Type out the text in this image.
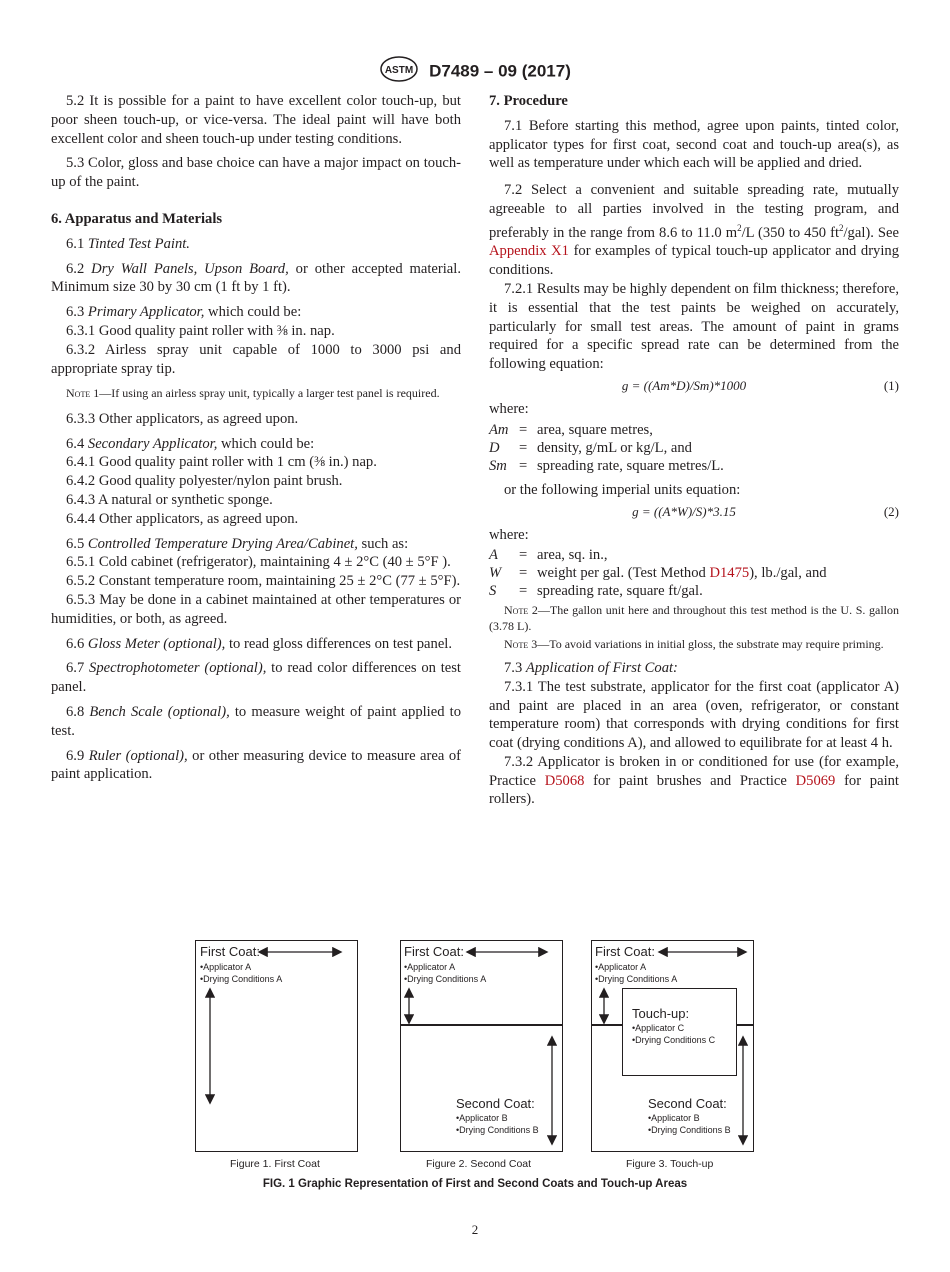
ASTM D7489 – 09 (2017)

5.2 It is possible for a paint to have excellent color touch-up, but poor sheen touch-up, or vice-versa. The ideal paint will have both excellent color and sheen touch-up under testing conditions.

5.3 Color, gloss and base choice can have a major impact on touch-up of the paint.

6. Apparatus and Materials

6.1 Tinted Test Paint.

6.2 Dry Wall Panels, Upson Board, or other accepted material. Minimum size 30 by 30 cm (1 ft by 1 ft).

6.3 Primary Applicator, which could be:

6.3.1 Good quality paint roller with ⅜ in. nap.

6.3.2 Airless spray unit capable of 1000 to 3000 psi and appropriate spray tip.

Note 1—If using an airless spray unit, typically a larger test panel is required.

6.3.3 Other applicators, as agreed upon.

6.4 Secondary Applicator, which could be:

6.4.1 Good quality paint roller with 1 cm (⅜ in.) nap.

6.4.2 Good quality polyester/nylon paint brush.

6.4.3 A natural or synthetic sponge.

6.4.4 Other applicators, as agreed upon.

6.5 Controlled Temperature Drying Area/Cabinet, such as:

6.5.1 Cold cabinet (refrigerator), maintaining 4 ± 2°C (40 ± 5°F ).

6.5.2 Constant temperature room, maintaining 25 ± 2°C (77 ± 5°F).

6.5.3 May be done in a cabinet maintained at other temperatures or humidities, or both, as agreed.

6.6 Gloss Meter (optional), to read gloss differences on test panel.

6.7 Spectrophotometer (optional), to read color differences on test panel.

6.8 Bench Scale (optional), to measure weight of paint applied to test.

6.9 Ruler (optional), or other measuring device to measure area of paint application.

7. Procedure

7.1 Before starting this method, agree upon paints, tinted color, applicator types for first coat, second coat and touch-up area(s), as well as temperature under which each will be applied and dried.

7.2 Select a convenient and suitable spreading rate, mutually agreeable to all parties involved in the testing program, and preferably in the range from 8.6 to 11.0 $m^2/L$ (350 to 450 $ft^2/gal$). See Appendix X1 for examples of typical touch-up applicator and drying conditions.

7.2.1 Results may be highly dependent on film thickness; therefore, it is essential that the test paints be weighed on accurately, particularly for small test areas. The amount of paint in grams required for a specific spread rate can be determined from the following equation:

g = ((Am*D)/Sm)*1000	(1)

where:

Am = area, square metres,
D	= density, g/mL or kg/L, and
Sm = spreading rate, square metres/L.

or the following imperial units equation:

g = ((A*W)/S)*3.15	(2)

where:

A	= area, sq. in.,
W	= weight per gal. (Test Method D1475), lb./gal, and
S	= spreading rate, square ft/gal.

Note 2—The gallon unit here and throughout this test method is the U. S. gallon (3.78 L).

Note 3—To avoid variations in initial gloss, the substrate may require priming.

7.3 Application of First Coat:

7.3.1 The test substrate, applicator for the first coat (applicator A) and paint are placed in an area (oven, refrigerator, or constant temperature room) that corresponds with drying conditions for first coat (drying conditions A), and allowed to equilibrate for at least 4 h.

7.3.2 Applicator is broken in or conditioned for use (for example, Practice D5068 for paint brushes and Practice D5069 for paint rollers).

First Coat:
•Applicator A
•Drying Conditions A
First Coat:
•Applicator A
•Drying Conditions A
Second Coat:
•Applicator B
•Drying Conditions B
First Coat:
•Applicator A
•Drying Conditions A
Touch-up:
•Applicator C
•Drying Conditions C
Second Coat:
•Applicator B
•Drying Conditions B
Figure 1. First Coat	Figure 2. Second Coat	Figure 3. Touch-up
FIG. 1 Graphic Representation of First and Second Coats and Touch-up Areas
2
